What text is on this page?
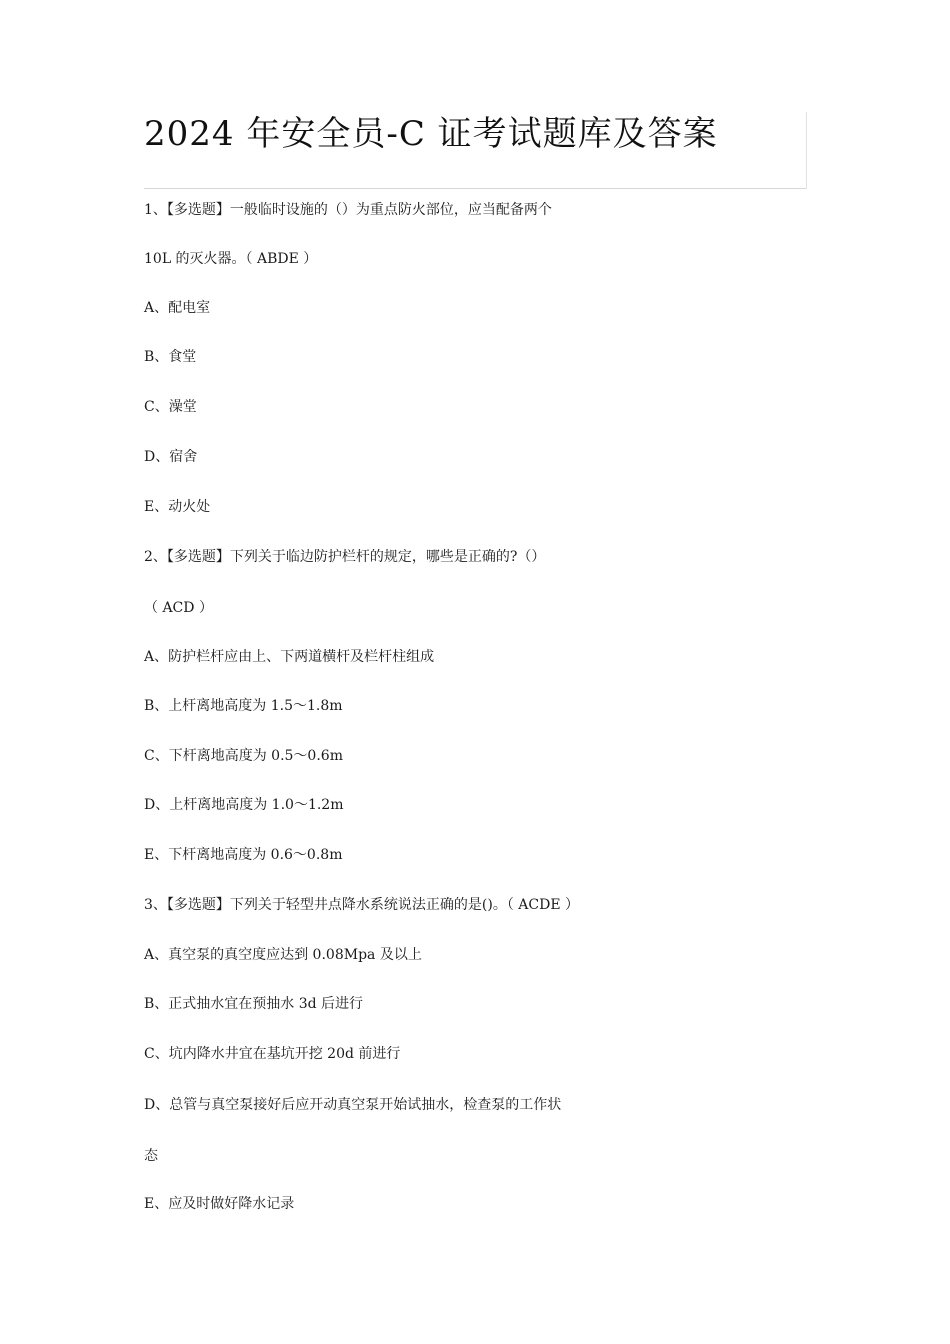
2024 年安全员-C 证考试题库及答案
1、【多选题】一般临时设施的（）为重点防火部位，应当配备两个
10L 的灭火器。（ ABDE ）
A、配电室
B、食堂
C、澡堂
D、宿舍
E、动火处
2、【多选题】下列关于临边防护栏杆的规定，哪些是正确的?（）
（ ACD ）
A、防护栏杆应由上、下两道横杆及栏杆柱组成
B、上杆离地高度为 1.5～1.8m
C、下杆离地高度为 0.5～0.6m
D、上杆离地高度为 1.0～1.2m
E、下杆离地高度为 0.6～0.8m
3、【多选题】下列关于轻型井点降水系统说法正确的是()。（ ACDE ）
A、真空泵的真空度应达到 0.08Mpa 及以上
B、正式抽水宜在预抽水 3d 后进行
C、坑内降水井宜在基坑开挖 20d 前进行
D、总管与真空泵接好后应开动真空泵开始试抽水，检查泵的工作状
态
E、应及时做好降水记录
